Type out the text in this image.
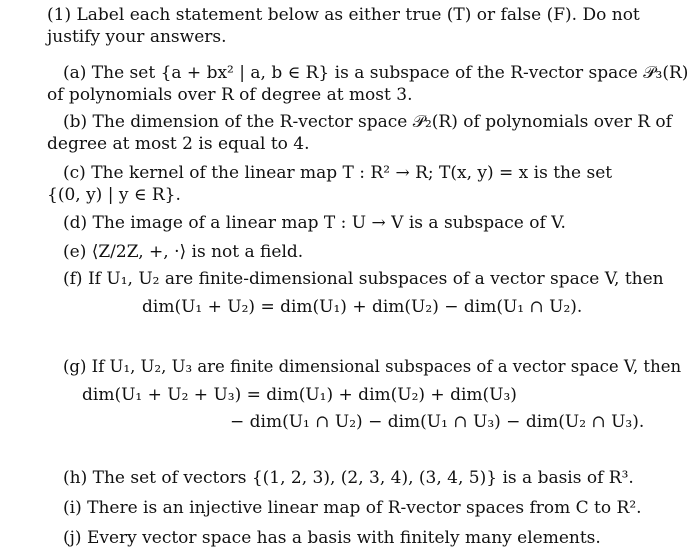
(1) Label each statement below as either true (T) or false (F). Do not
justify your answers.
(a) The set {a + bx² | a, b ∈ R} is a subspace of the R-vector space 𝒫₃(R)
of polynomials over R of degree at most 3.
(b) The dimension of the R-vector space 𝒫₂(R) of polynomials over R of
degree at most 2 is equal to 4.
(c) The kernel of the linear map T : R² → R; T(x, y) = x is the set
{(0, y) | y ∈ R}.
(d) The image of a linear map T : U → V is a subspace of V.
(e) ⟨Z/2Z, +, ·⟩ is not a field.
(f) If U₁, U₂ are finite-dimensional subspaces of a vector space V, then
dim(U₁ + U₂) = dim(U₁) + dim(U₂) − dim(U₁ ∩ U₂).
(g) If U₁, U₂, U₃ are finite dimensional subspaces of a vector space V, then
dim(U₁ + U₂ + U₃) = dim(U₁) + dim(U₂) + dim(U₃)
− dim(U₁ ∩ U₂) − dim(U₁ ∩ U₃) − dim(U₂ ∩ U₃).
(h) The set of vectors {(1, 2, 3), (2, 3, 4), (3, 4, 5)} is a basis of R³.
(i) There is an injective linear map of R-vector spaces from C to R².
(j) Every vector space has a basis with finitely many elements.
